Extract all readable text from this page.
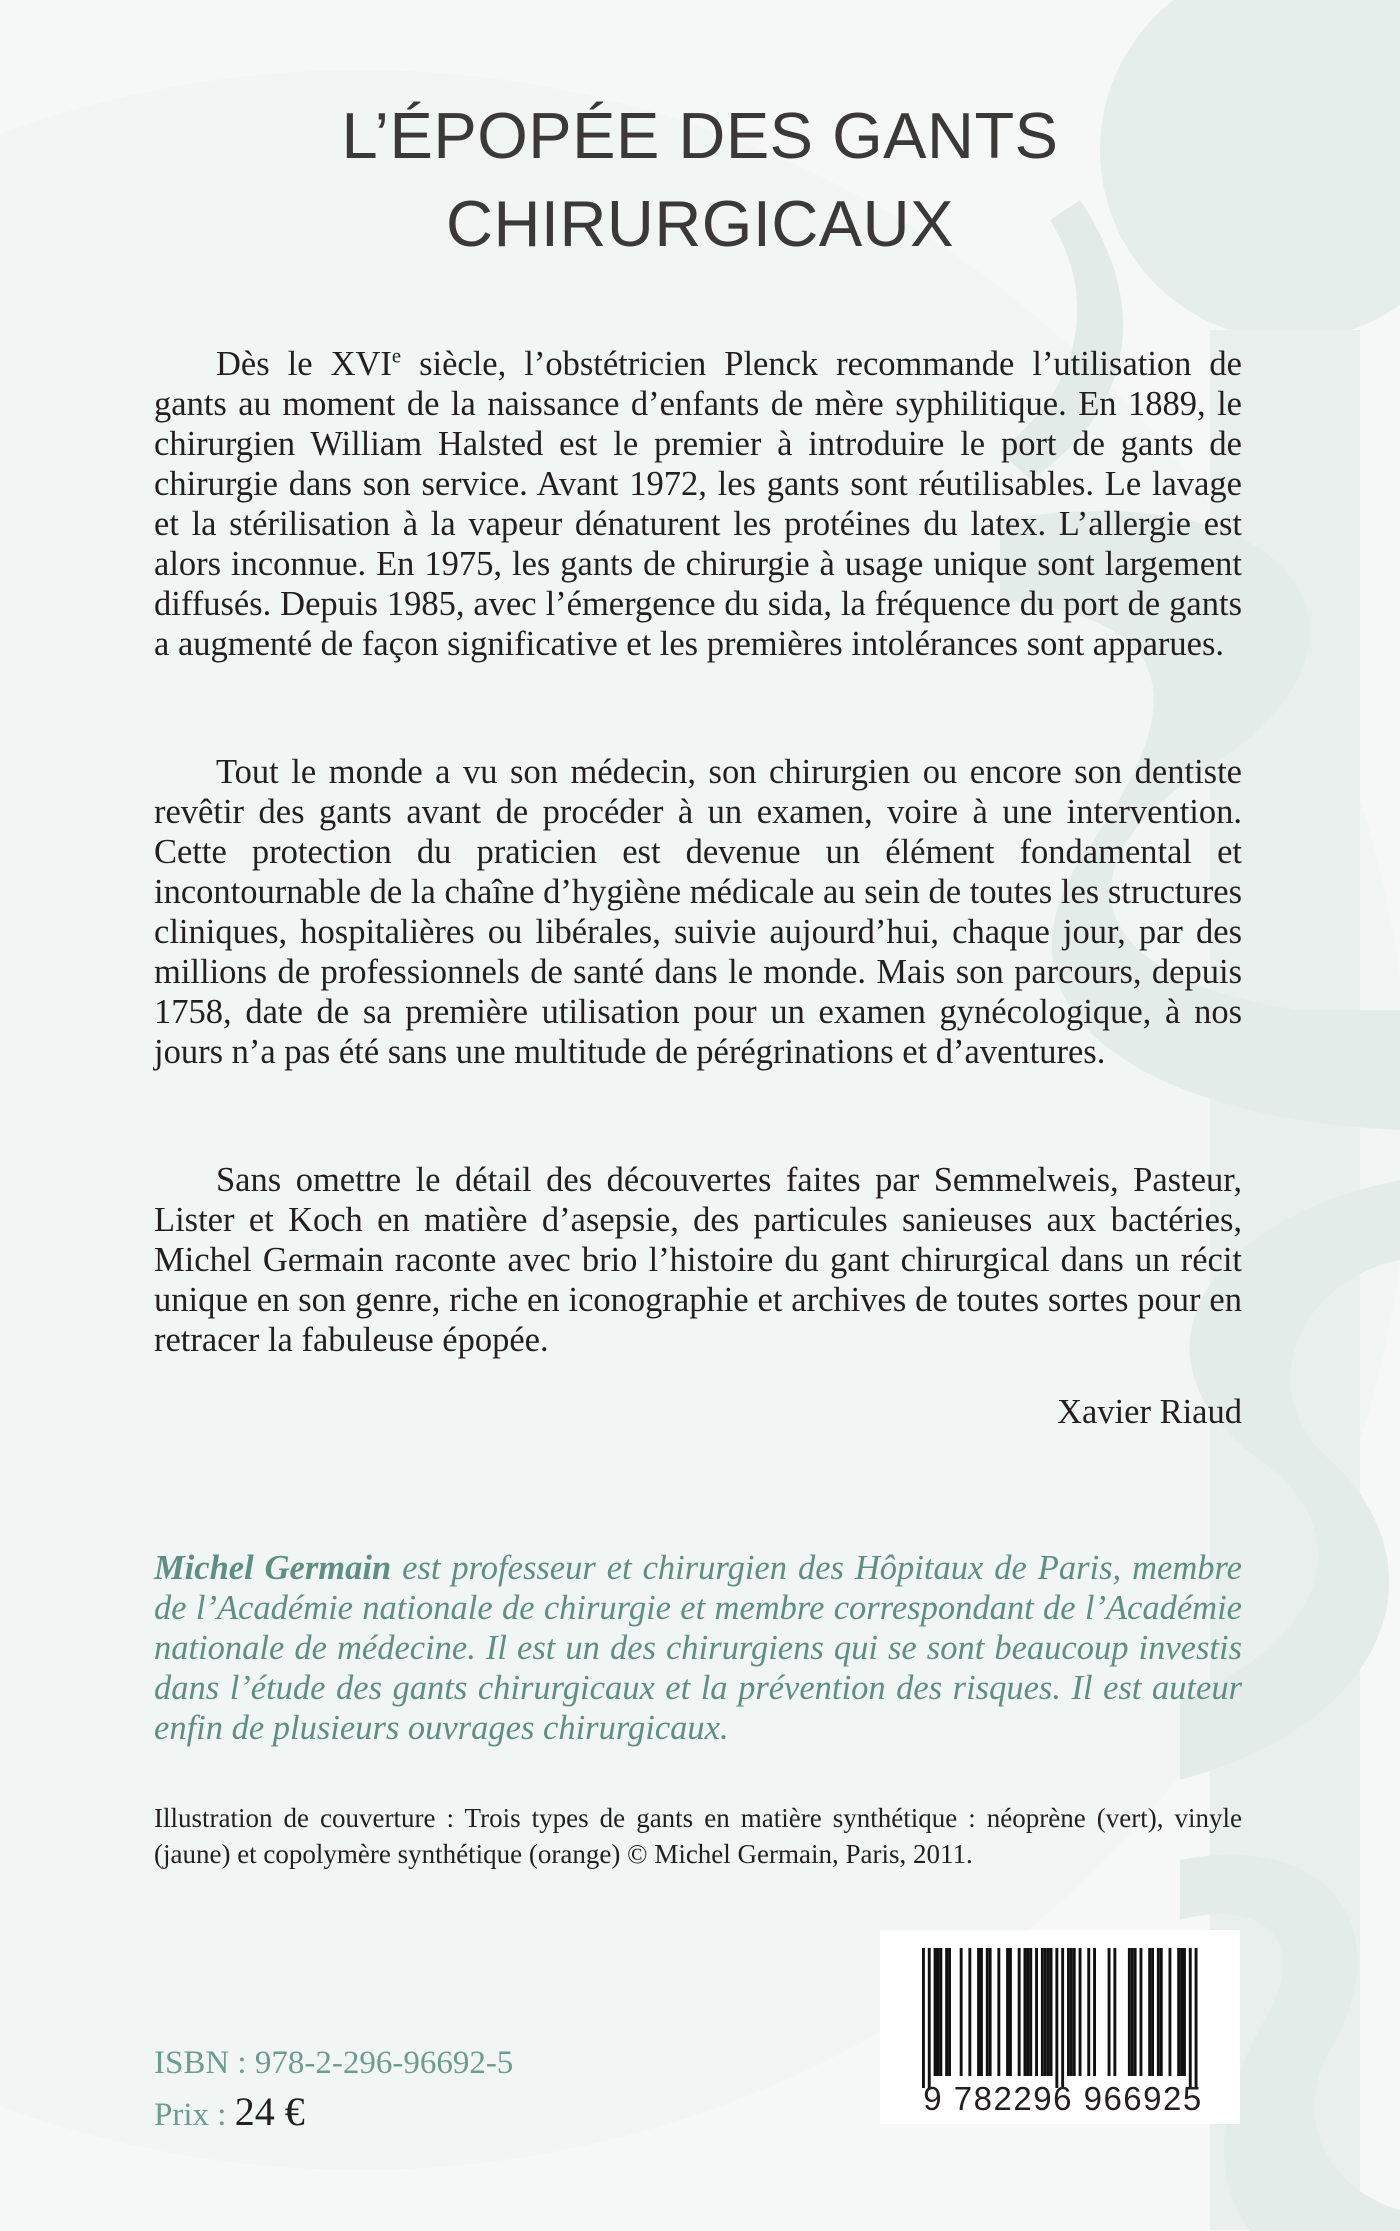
L’ÉPOPÉE DES GANTS
CHIRURGICAUX

Dès le XVIe siècle, l’obstétricien Plenck recommande l’utilisation de gants au moment de la naissance d’enfants de mère syphilitique. En 1889, le chirurgien William Halsted est le premier à introduire le port de gants de chirurgie dans son service. Avant 1972, les gants sont réutilisables. Le lavage et la stérilisation à la vapeur dénaturent les protéines du latex. L’allergie est alors inconnue. En 1975, les gants de chirurgie à usage unique sont largement diffusés. Depuis 1985, avec l’émergence du sida, la fréquence du port de gants a augmenté de façon significative et les premières intolérances sont apparues.

Tout le monde a vu son médecin, son chirurgien ou encore son dentiste revêtir des gants avant de procéder à un examen, voire à une intervention. Cette protection du praticien est devenue un élément fondamental et incontournable de la chaîne d’hygiène médicale au sein de toutes les structures cliniques, hospitalières ou libérales, suivie aujourd’hui, chaque jour, par des millions de professionnels de santé dans le monde. Mais son parcours, depuis 1758, date de sa première utilisation pour un examen gynécologique, à nos jours n’a pas été sans une multitude de pérégrinations et d’aventures.

Sans omettre le détail des découvertes faites par Semmelweis, Pasteur, Lister et Koch en matière d’asepsie, des particules sanieuses aux bactéries, Michel Germain raconte avec brio l’histoire du gant chirurgical dans un récit unique en son genre, riche en iconographie et archives de toutes sortes pour en retracer la fabuleuse épopée.

Xavier Riaud

Michel Germain est professeur et chirurgien des Hôpitaux de Paris, membre de l’Académie nationale de chirurgie et membre correspondant de l’Académie nationale de médecine. Il est un des chirurgiens qui se sont beaucoup investis dans l’étude des gants chirurgicaux et la prévention des risques. Il est auteur enfin de plusieurs ouvrages chirurgicaux.

Illustration de couverture : Trois types de gants en matière synthétique : néoprène (vert), vinyle (jaune) et copolymère synthétique (orange) © Michel Germain, Paris, 2011.

9 782296 966925
ISBN : 978-2-296-96692-5
Prix : 24 €
